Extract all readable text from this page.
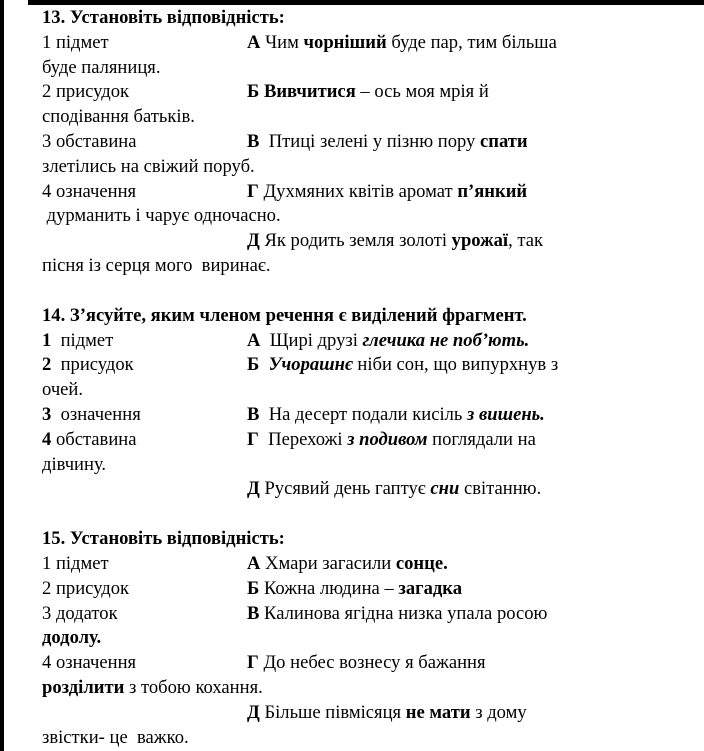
13. Установіть відповідність:
1 підмет	А Чим чорніший буде пар, тим більша
буде паляниця.
2 присудок	Б Вивчитися – ось моя мрія й
сподівання батьків.
3 обставина	В  Птиці зелені у пізню пору спати
злетілись на свіжий поруб.
4 означення	Г Духмяних квітів аромат п’янкий
дурманить і чарує одночасно.
Д Як родить земля золоті урожаї, так
пісня із серця мого  виринає.
14. З’ясуйте, яким членом речення є виділений фрагмент.
1  підмет	А  Щирі друзі глечика не поб’ють.
2  присудок	Б Учорашнє ніби сон, що випурхнув з
очей.
3  означення	В  На десерт подали кисіль з вишень.
4 обставина	Г  Перехожі з подивом поглядали на
дівчину.
Д Русявий день гаптує сни світанню.
15. Установіть відповідність:
1 підмет	А Хмари загасили сонце.
2 присудок	Б Кожна людина – загадка
3 додаток	В Калинова ягідна низка упала росою
додолу.
4 означення	Г До небес вознесу я бажання
розділити з тобою кохання.
Д Більше півмісяця не мати з дому
звістки- це  важко.
